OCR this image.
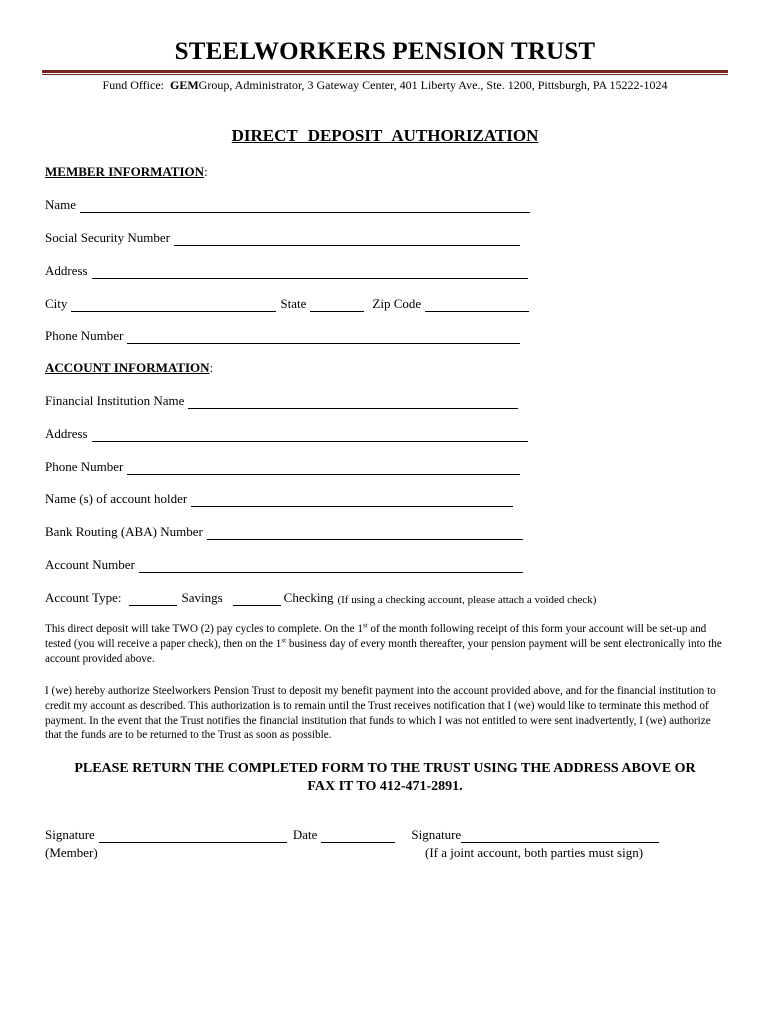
STEELWORKERS PENSION TRUST
Fund Office: GEMGroup, Administrator, 3 Gateway Center, 401 Liberty Ave., Ste. 1200, Pittsburgh, PA 15222-1024
DIRECT DEPOSIT AUTHORIZATION
MEMBER INFORMATION:
Name
Social Security Number
Address
City	State	Zip Code
Phone Number
ACCOUNT INFORMATION:
Financial Institution Name
Address
Phone Number
Name (s) of account holder
Bank Routing (ABA) Number
Account Number
Account Type:	Savings	Checking (If using a checking account, please attach a voided check)
This direct deposit will take TWO (2) pay cycles to complete. On the 1st of the month following receipt of this form your account will be set-up and tested (you will receive a paper check), then on the 1st business day of every month thereafter, your pension payment will be sent electronically into the account provided above.
I (we) hereby authorize Steelworkers Pension Trust to deposit my benefit payment into the account provided above, and for the financial institution to credit my account as described. This authorization is to remain until the Trust receives notification that I (we) would like to terminate this method of payment. In the event that the Trust notifies the financial institution that funds to which I was not entitled to were sent inadvertently, I (we) authorize that the funds are to be returned to the Trust as soon as possible.
PLEASE RETURN THE COMPLETED FORM TO THE TRUST USING THE ADDRESS ABOVE OR
FAX IT TO 412-471-2891.
Signature	Date	Signature
(Member)	(If a joint account, both parties must sign)
